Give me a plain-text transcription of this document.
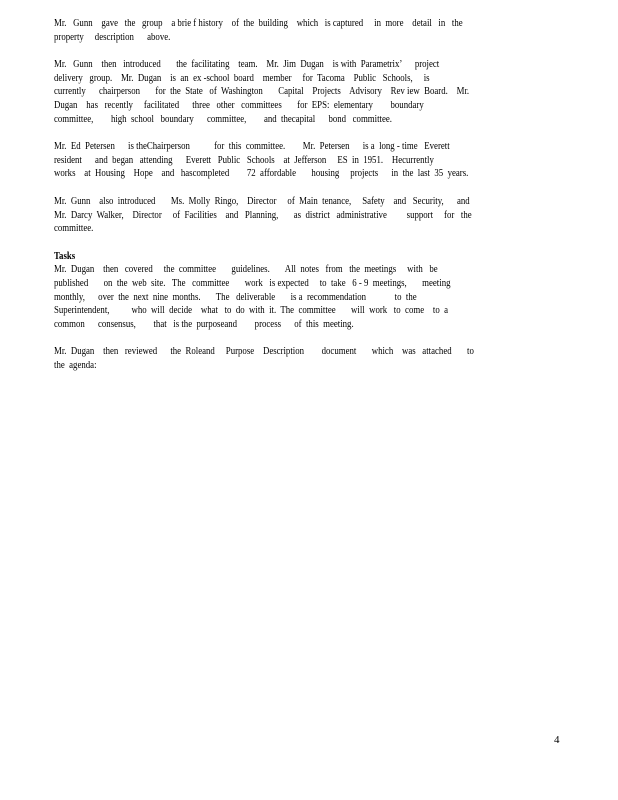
Mr.   Gunn    gave   the   group    a brie f history    of  the  building    which   is captured     in  more    detail   in   the
property     description      above.
Mr.   Gunn    then   introduced       the  facilitating    team.    Mr.  Jim  Dugan    is with  Parametrix’      project
delivery   group.    Mr.  Dugan    is  an  ex -school  board    member     for  Tacoma    Public   Schools,     is
currently      chairperson       for  the  State   of  Washington       Capital    Projects    Advisory    Rev iew  Board.    Mr.
Dugan    has   recently     facilitated      three   other   committees       for  EPS:  elementary        boundary
committee,        high  school   boundary      committee,        and  thecapital      bond   committee.
Mr.  Ed  Petersen      is theChairperson           for  this  committee.        Mr.  Petersen      is a  long - time   Everett
resident      and  began   attending      Everett   Public   Schools    at  Jefferson     ES  in  1951.    Hecurrently
works    at  Housing    Hope    and   hascompleted        72  affordable       housing     projects      in  the  last  35  years.
Mr.  Gunn    also  introduced       Ms.  Molly  Ringo,    Director     of  Main  tenance,     Safety    and   Security,      and
Mr.  Darcy  Walker,    Director     of  Facilities    and   Planning,       as  district   administrative         support     for   the
committee.
Tasks
Mr.  Dugan    then   covered     the  committee       guidelines.       All  notes   from   the  meetings     with   be
published       on  the  web  site.   The   committee       work   is expected     to  take   6 - 9  meetings,       meeting
monthly,      over  the  next  nine  months.       The   deliverable       is a  recommendation             to  the
Superintendent,          who  will  decide    what   to  do  with  it.  The  committee       will  work   to  come    to  a
common      consensus,        that   is the  purposeand        process      of  this  meeting.
Mr.  Dugan    then   reviewed      the  Roleand     Purpose    Description        document       which    was   attached       to
the  agenda:
4
